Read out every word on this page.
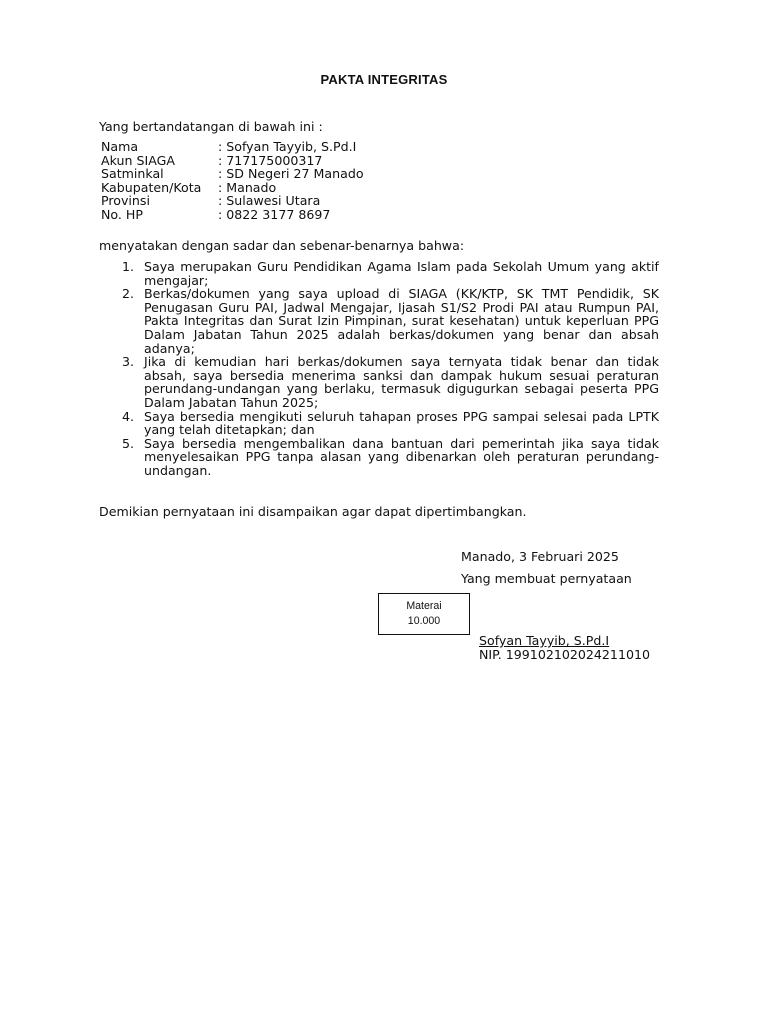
PAKTA INTEGRITAS
Yang bertandatangan di bawah ini :
Nama	: Sofyan Tayyib, S.Pd.I
Akun SIAGA	: 717175000317
Satminkal	: SD Negeri 27 Manado
Kabupaten/Kota	: Manado
Provinsi	: Sulawesi Utara
No. HP	: 0822 3177 8697
menyatakan dengan sadar dan sebenar-benarnya bahwa:
1. Saya merupakan Guru Pendidikan Agama Islam pada Sekolah Umum yang aktif mengajar;
2. Berkas/dokumen yang saya upload di SIAGA (KK/KTP, SK TMT Pendidik, SK Penugasan Guru PAI, Jadwal Mengajar, Ijasah S1/S2 Prodi PAI atau Rumpun PAI, Pakta Integritas dan Surat Izin Pimpinan, surat kesehatan) untuk keperluan PPG Dalam Jabatan Tahun 2025 adalah berkas/dokumen yang benar dan absah adanya;
3. Jika di kemudian hari berkas/dokumen saya ternyata tidak benar dan tidak absah, saya bersedia menerima sanksi dan dampak hukum sesuai peraturan perundang-undangan yang berlaku, termasuk digugurkan sebagai peserta PPG Dalam Jabatan Tahun 2025;
4. Saya bersedia mengikuti seluruh tahapan proses PPG sampai selesai pada LPTK yang telah ditetapkan; dan
5. Saya bersedia mengembalikan dana bantuan dari pemerintah jika saya tidak menyelesaikan PPG tanpa alasan yang dibenarkan oleh peraturan perundang-undangan.
Demikian pernyataan ini disampaikan agar dapat dipertimbangkan.
Manado, 3 Februari 2025
Yang membuat pernyataan
Materai
10.000
Sofyan Tayyib, S.Pd.I
NIP. 199102102024211010
